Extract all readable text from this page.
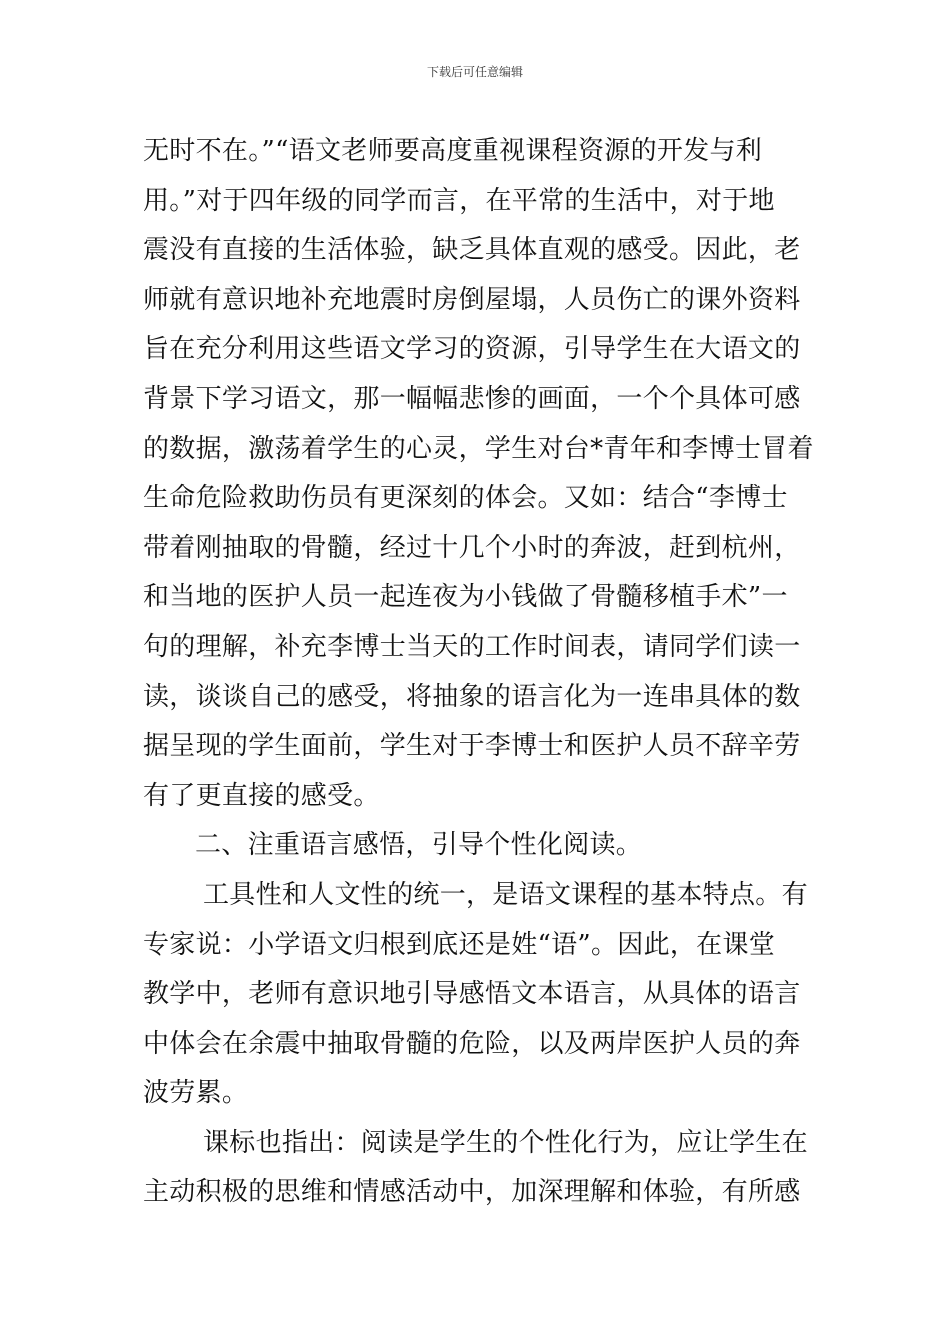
下载后可任意编辑
无时不在。”“语文老师要高度重视课程资源的开发与利
用。”对于四年级的同学而言，在平常的生活中，对于地
震没有直接的生活体验，缺乏具体直观的感受。因此，老
师就有意识地补充地震时房倒屋塌，人员伤亡的课外资料
旨在充分利用这些语文学习的资源，引导学生在大语文的
背景下学习语文，那一幅幅悲惨的画面，一个个具体可感
的数据，激荡着学生的心灵，学生对台*青年和李博士冒着
生命危险救助伤员有更深刻的体会。又如：结合“李博士
带着刚抽取的骨髓，经过十几个小时的奔波，赶到杭州，
和当地的医护人员一起连夜为小钱做了骨髓移植手术”一
句的理解，补充李博士当天的工作时间表，请同学们读一
读，谈谈自己的感受，将抽象的语言化为一连串具体的数
据呈现的学生面前，学生对于李博士和医护人员不辞辛劳
有了更直接的感受。
二、注重语言感悟，引导个性化阅读。
工具性和人文性的统一，是语文课程的基本特点。有
专家说：小学语文归根到底还是姓“语”。因此，在课堂
教学中，老师有意识地引导感悟文本语言，从具体的语言
中体会在余震中抽取骨髓的危险，以及两岸医护人员的奔
波劳累。
课标也指出：阅读是学生的个性化行为，应让学生在
主动积极的思维和情感活动中，加深理解和体验，有所感
